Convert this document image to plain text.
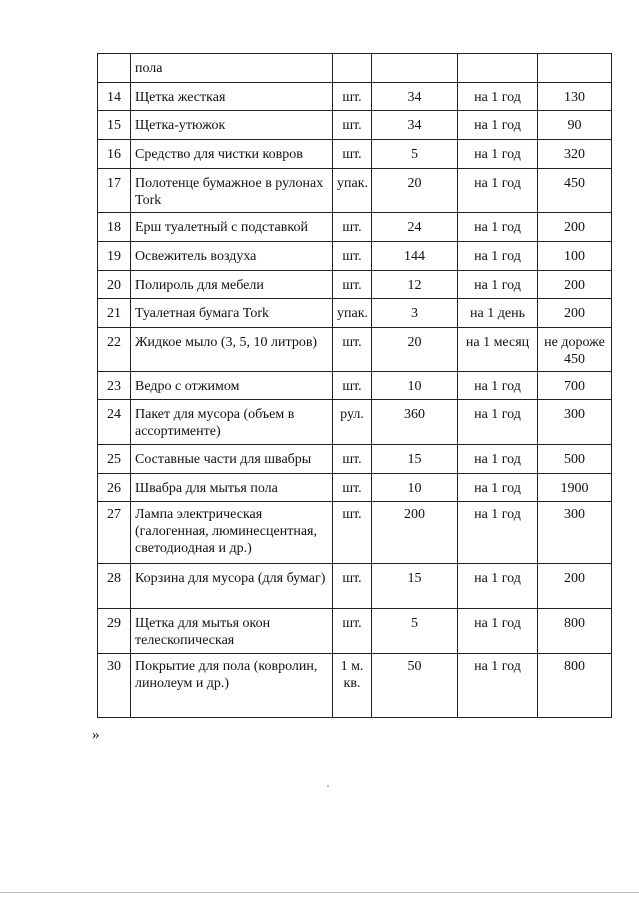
	пола				
14	Щетка жесткая	шт.	34	на 1 год	130
15	Щетка-утюжок	шт.	34	на 1 год	90
16	Средство для чистки ковров	шт.	5	на 1 год	320
17	Полотенце бумажное в рулонах Tork	упак.	20	на 1 год	450
18	Ерш туалетный с подставкой	шт.	24	на 1 год	200
19	Освежитель воздуха	шт.	144	на 1 год	100
20	Полироль для мебели	шт.	12	на 1 год	200
21	Туалетная бумага Tork	упак.	3	на 1 день	200
22	Жидкое мыло (3, 5, 10 литров)	шт.	20	на 1 месяц	не дороже 450
23	Ведро с отжимом	шт.	10	на 1 год	700
24	Пакет для мусора (объем в ассортименте)	рул.	360	на 1 год	300
25	Составные части для швабры	шт.	15	на 1 год	500
26	Швабра для мытья пола	шт.	10	на 1 год	1900
27	Лампа электрическая (галогенная, люминесцентная, светодиодная и др.)	шт.	200	на 1 год	300
28	Корзина для мусора (для бумаг)	шт.	15	на 1 год	200
29	Щетка для мытья окон телескопическая	шт.	5	на 1 год	800
30	Покрытие для пола (ковролин, линолеум и др.)	1 м. кв.	50	на 1 год	800
»
